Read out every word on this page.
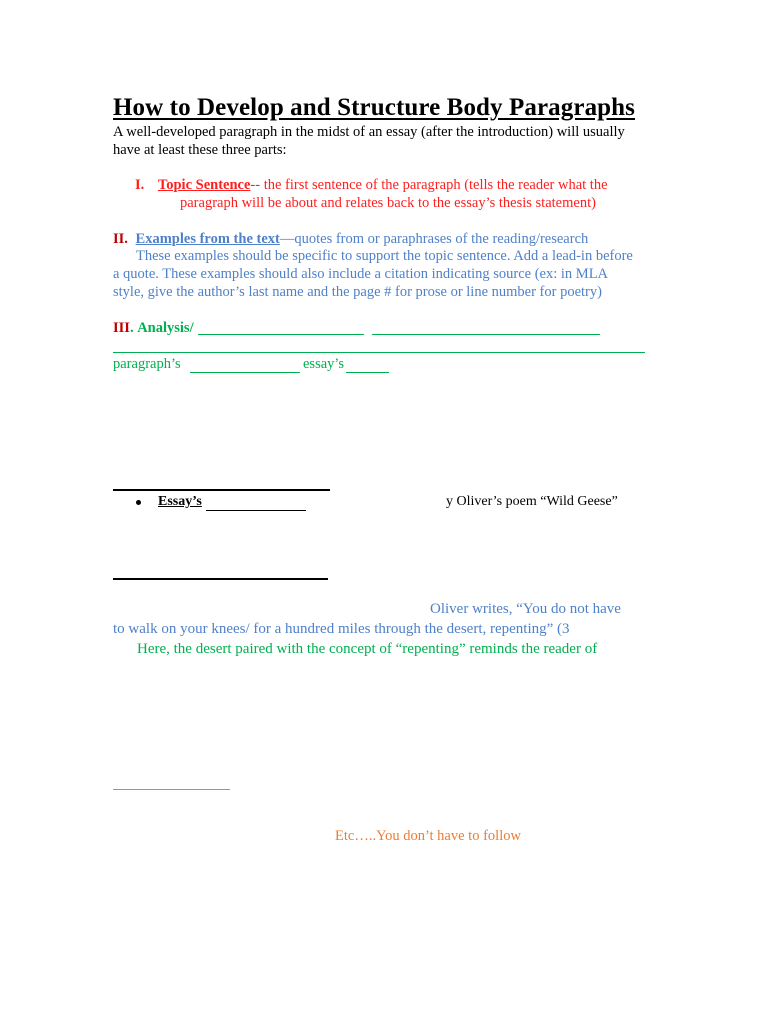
How to Develop and Structure Body Paragraphs
A well-developed paragraph in the midst of an essay (after the introduction) will usually
have at least these three parts:
I. Topic Sentence-- the first sentence of the paragraph (tells the reader what the
paragraph will be about and relates back to the essay’s thesis statement)
II. Examples from the text—quotes from or paraphrases of the reading/research
These examples should be specific to support the topic sentence. Add a lead-in before
a quote. These examples should also include a citation indicating source (ex: in MLA
style, give the author’s last name and the page # for prose or line number for poetry)
III. Analysis/
paragraph’s	essay’s
Essay’s	y Oliver’s poem “Wild Geese”
Oliver writes, “You do not have
to walk on your knees/ for a hundred miles through the desert, repenting” (3
Here, the desert paired with the concept of “repenting” reminds the reader of
Etc…..You don’t have to follow
